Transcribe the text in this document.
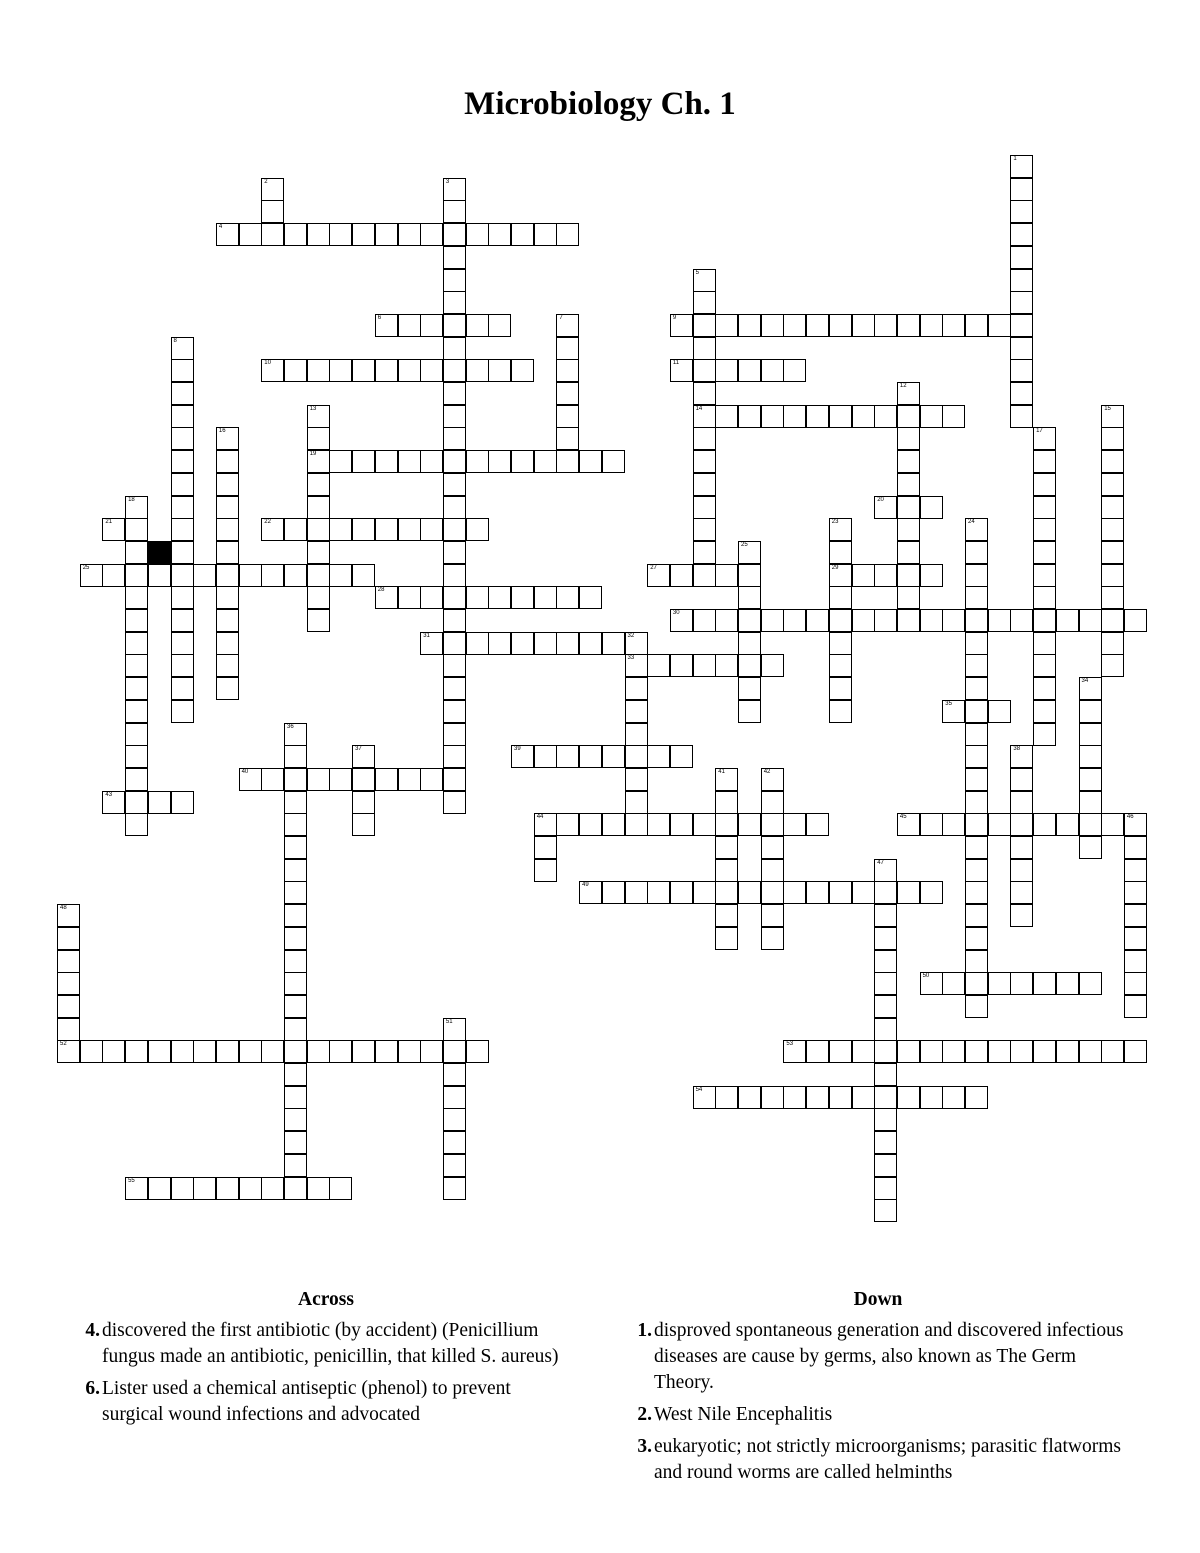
Microbiology Ch. 1
4
6	9
10	11
14
19
20
21	22
25	27
28
29
30
31	32
33
35
39
40
43
44	45	46
49
50
52	53
54
55
1
2	3
5
7
8
12
13	15
16	17
18
23	24
25
34
36
37	38
41	42
47
48
51
Across
4 . discovered the first antibiotic (by accident) (Penicillium fungus made an antibiotic, penicillin, that killed S. aureus)
6 . Lister used a chemical antiseptic (phenol) to prevent surgical wound infections and advocated
Down
1 . disproved spontaneous generation and discovered infectious diseases are cause by germs, also known as The Germ Theory.
2 . West Nile Encephalitis
3 . eukaryotic; not strictly microorganisms; parasitic flatworms and round worms are called helminths
